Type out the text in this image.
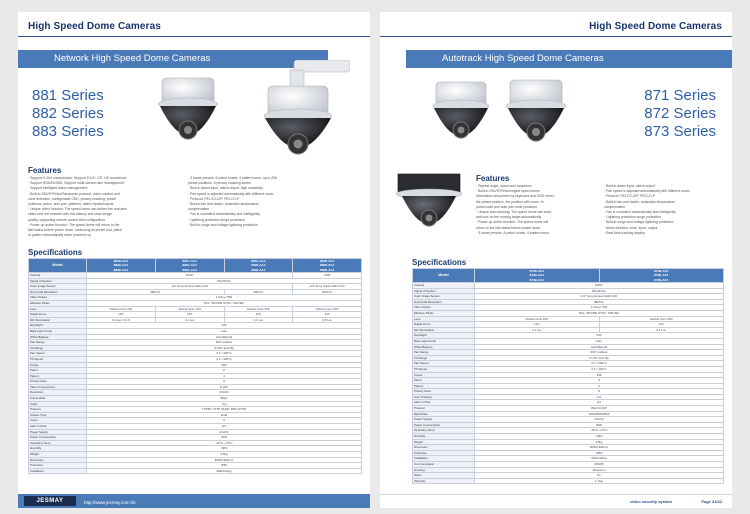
High Speed Dome Cameras
Network High Speed Dome Cameras
881 Series
882 Series
883 Series
Features
· Support H.264 compression; Support D1/4*, CIF, HD resolutions
· Support IE/SMS/SDK; Support multi-stream user management
· Support intelligent alarm management
· Built-in ONVIF/Pelco/Panasonic protocol, video content and
zone detection, configurable OSD, privacy masking, preset
positions, patrol, auto pan, patterns, alarm inputs/outputs
· Unique video function: The speed dome can deliver the real-time
video over the network with low latency and clear image
quality, supporting remote control and configuration
· Power up action function: The speed dome will return to the
last status before power down, continuing its preset tour, patrol
or pattern automatically when powered up
· 3 frame presets, 8 patrol routes, 4 pattern tours, up to 256
preset positions, 8 privacy masking zones
· Built-in alarm input, alarm output, high sensitivity
· Pan speed is adjusted automatically with different zoom
· Protocol: PELCO-D/P, PELCO-P
· Built-in fan and heater, automatic temperature
compensation
· Fan is controlled automatically and intelligently
· Lightning protection surge protection
· Built-in surge and voltage lightning protection
Specifications
Model	881B-AA4
882B-AA4
883B-AA4	881C-AA4
882C-AA4
883C-AA4	881E-AA4
882E-AA4
883E-AA4	881D-AC4
882D-AC4
883D-AC4
Camera	SONY			CNB
Signal of System	PAL/NTSC			
Color Image Sensor	1/4" Sony Exview HAD CCD			1/3" Sony Super HAD CCD
Horizontal Resolution	480TVL		530TVL	540TVL
Video Output	1.0Vp-p 75Ω			
Effective Pixels	PAL: 752×582 NTSC: 768×494			
Lens	Optical zoom 18X	Optical zoom 22X	Optical zoom 36X	Optical zoom 30X
Digital Zoom	12X	12X	12X	12X
Min Illumination	0.1 Lux / F1.6	0.1 Lux	0.1 Lux	0.5 Lux
Day/Night	ICR			
Back Light Comp	Auto			
White Balance	Auto/Manual			
Pan Range	360° endless			
Tilt Range	0°~90° auto flip			
Pan Speed	0.1°~240°/s			
Tilt Speed	0.1°~120°/s			
Preset	256			
Patrol	8			
Pattern	4			
Privacy Zone	8			
Video Compression	H.264			
Resolution	D1/CIF			
Frame Rate	25fps			
Audio	Yes			
Protocol	TCP/IP, HTTP, DHCP, DNS, RTSP			
Stream Type	Dual			
Users	5			
Alarm In/Out	2/1			
Power Supply	AC24V			
Power Consumption	30W			
Operating Temp	-40°C~+70°C			
Humidity	<90%			
Weight	3.5kg			
Dimension	Φ220×300mm			
Protection	IP66			
Installation	Wall/Ceiling			
JESMAY	http://www.jesmay.com.hk
High Speed Dome Cameras
Autotrack High Speed Dome Cameras
871 Series
872 Series
873 Series
Features
· Repeat angle, speed and sequence
· Built-in ONVIF/Pelco/engine speed dome
information and preset by keyboard and OSD menu,
the preset position, the position with zoom 1x,
patrol route and auto pan route positions
· Unique auto-tracking: The speed dome can track
and lock on the moving target automatically
· Power up action function: The speed dome will
return to the last status before power down
· 3 frame presets, 8 patrol routes, 4 pattern tours
· Built-in alarm input, alarm output
· Pan speed is adjusted automatically with different zoom
· Protocol: PELCO-D/P, PELCO-P
· Built-in fan and heater, automatic temperature
compensation
· Fan is controlled automatically and intelligently
· Lightning protection surge protection
· Built-in surge and voltage lightning protection
· Alarm function: zone, input, output
· Real-time tracking display
Specifications
Model	871B-AA4
872B-AA4
873B-AA4	871B-AC4
872B-AC4
873B-AC4
Camera	SONY	
Signal of System	PAL/NTSC	
Color Image Sensor	1/4" Sony Exview HAD CCD	
Horizontal Resolution	480TVL	
Video Output	1.0Vp-p 75Ω	
Effective Pixels	PAL: 752×582 NTSC: 768×494	
Lens	Optical zoom 18X	Optical zoom 36X
Digital Zoom	12X	12X
Min Illumination	0.1 Lux	0.1 Lux
Day/Night	ICR	
Back Light Comp	Auto	
White Balance	Auto/Manual	
Pan Range	360° endless	
Tilt Range	0°~90° auto flip	
Pan Speed	0.1°~240°/s	
Tilt Speed	0.1°~120°/s	
Preset	256	
Patrol	8	
Pattern	4	
Privacy Zone	8	
Auto Tracking	Yes	
Alarm In/Out	2/1	
Protocol	PELCO-D/P	
Baud Rate	2400/4800/9600	
Power Supply	AC24V	
Power Consumption	30W	
Operating Temp	-40°C~+70°C	
Humidity	<90%	
Weight	3.5kg	
Dimension	Φ220×300mm	
Protection	IP66	
Installation	Wall/Ceiling	
Communication	RS485	
Housing	Aluminum	
Wiper	No	
Warranty	1 Year	
video security system	Page 31/32
